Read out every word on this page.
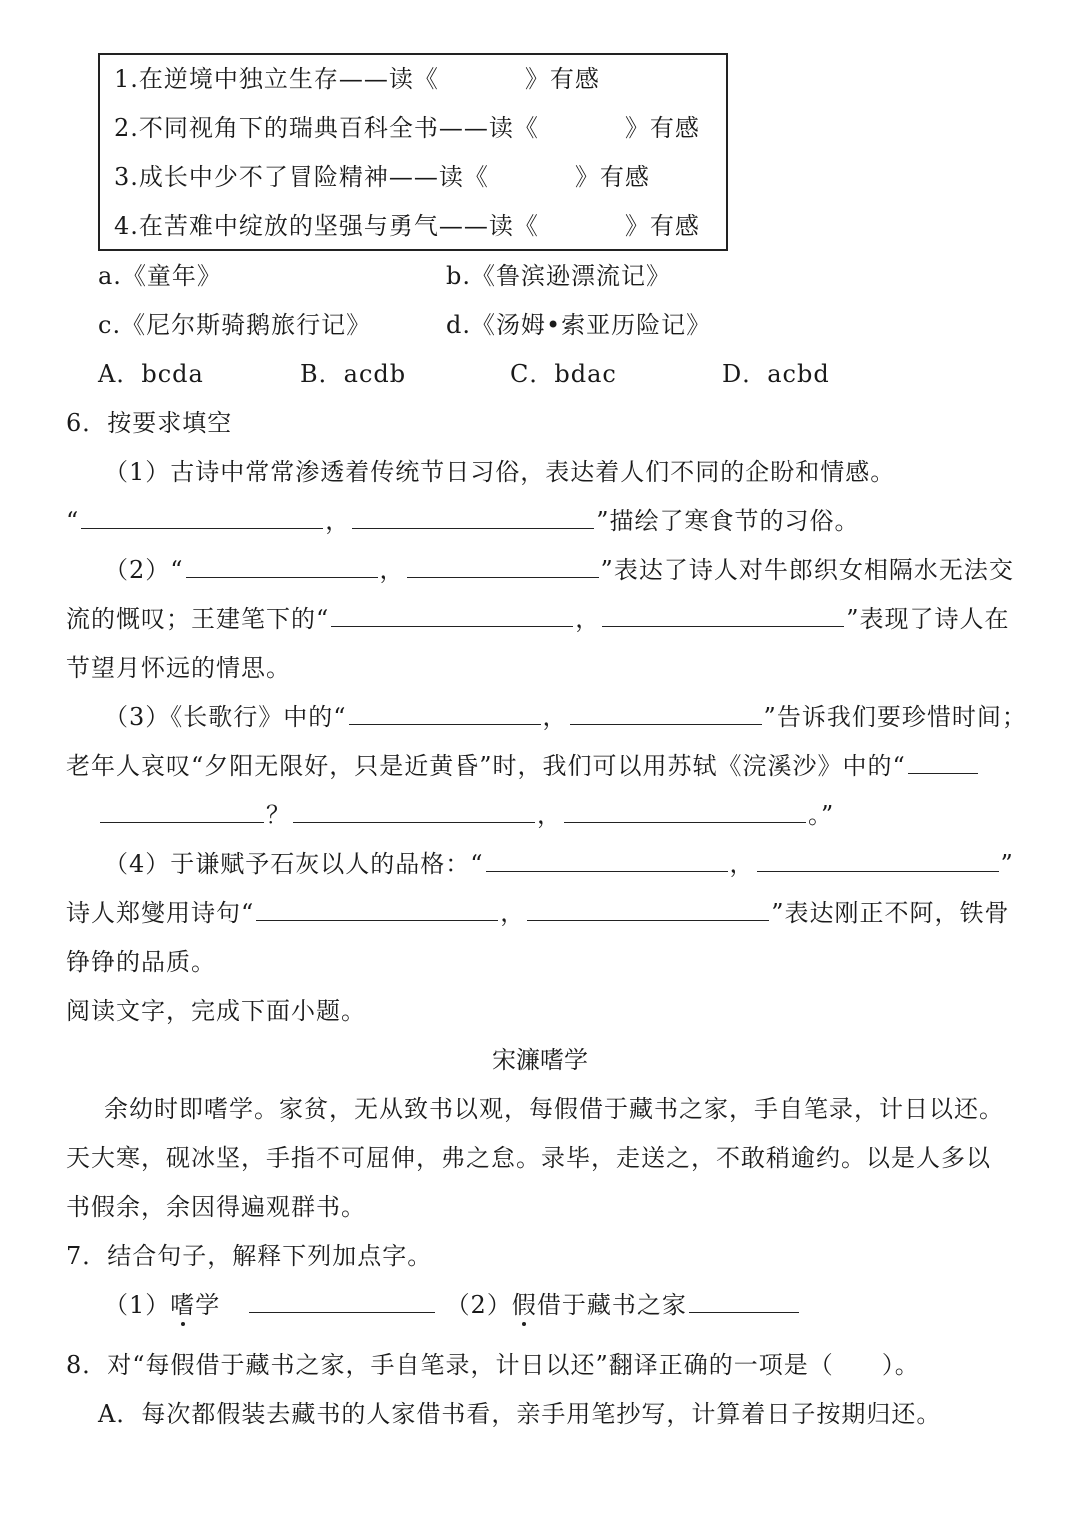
1.在逆境中独立生存——读《	》有感
2.不同视角下的瑞典百科全书——读《	》有感
3.成长中少不了冒险精神——读《	》有感
4.在苦难中绽放的坚强与勇气——读《	》有感
a.《童年》	b.《鲁滨逊漂流记》
c.《尼尔斯骑鹅旅行记》	d.《汤姆•索亚历险记》
A．bcda	B．acdb	C．bdac	D．acbd
6．按要求填空
（1）古诗中常常渗透着传统节日习俗，表达着人们不同的企盼和情感。
“	，	”描绘了寒食节的习俗。
（2）“	，	”表达了诗人对牛郎织女相隔水无法交
流的慨叹；王建笔下的“	，	”表现了诗人在
节望月怀远的情思。
（3）《长歌行》中的“	，	”告诉我们要珍惜时间；
老年人哀叹“夕阳无限好，只是近黄昏”时，我们可以用苏轼《浣溪沙》中的“
？	，	。”
（4）于谦赋予石灰以人的品格：“	，	”
诗人郑燮用诗句“	，	”表达刚正不阿，铁骨
铮铮的品质。
阅读文字，完成下面小题。
宋濂嗜学
余幼时即嗜学。家贫，无从致书以观，每假借于藏书之家，手自笔录，计日以还。
天大寒，砚冰坚，手指不可屈伸，弗之怠。录毕，走送之，不敢稍逾约。以是人多以
书假余，余因得遍观群书。
7．结合句子，解释下列加点字。
（1）嗜学	（2）假借于藏书之家
8．对“每假借于藏书之家，手自笔录，计日以还”翻译正确的一项是（ ）。
A．每次都假装去藏书的人家借书看，亲手用笔抄写，计算着日子按期归还。
